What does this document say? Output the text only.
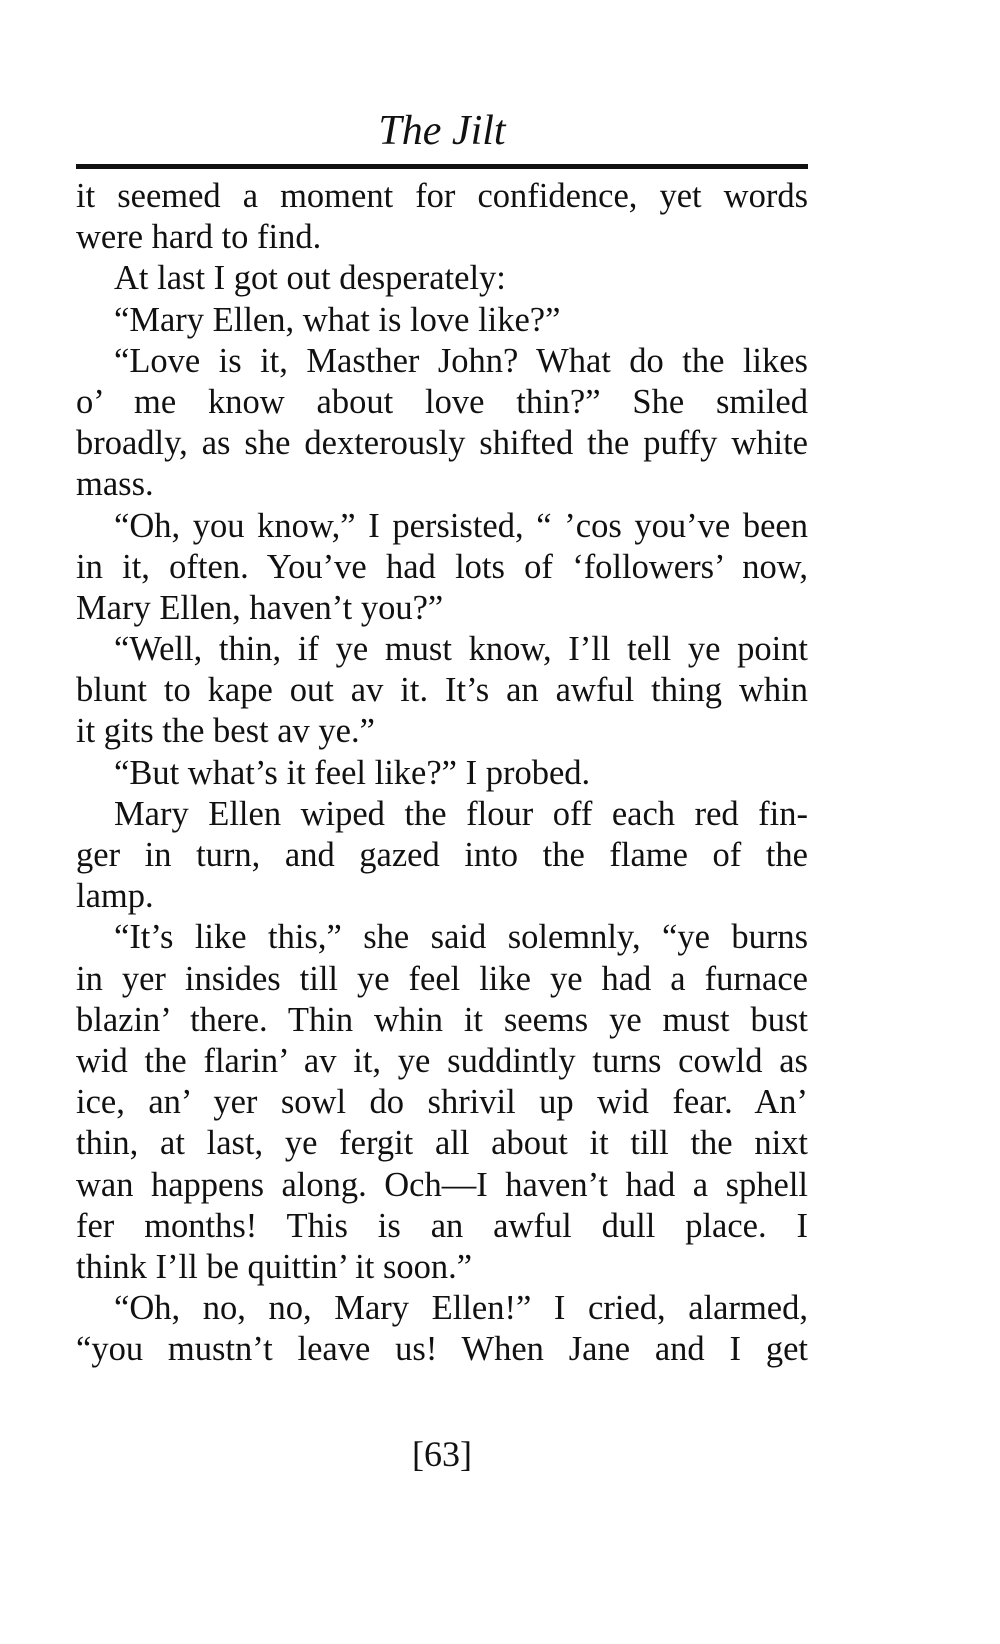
The Jilt
it seemed a moment for confidence, yet words
were hard to find.
At last I got out desperately:
“Mary Ellen, what is love like?”
“Love is it, Masther John? What do the likes
o’ me know about love thin?” She smiled
broadly, as she dexterously shifted the puffy white
mass.
“Oh, you know,” I persisted, “ ’cos you’ve been
in it, often. You’ve had lots of ‘followers’ now,
Mary Ellen, haven’t you?”
“Well, thin, if ye must know, I’ll tell ye point
blunt to kape out av it. It’s an awful thing whin
it gits the best av ye.”
“But what’s it feel like?” I probed.
Mary Ellen wiped the flour off each red fin-
ger in turn, and gazed into the flame of the
lamp.
“It’s like this,” she said solemnly, “ye burns
in yer insides till ye feel like ye had a furnace
blazin’ there. Thin whin it seems ye must bust
wid the flarin’ av it, ye suddintly turns cowld as
ice, an’ yer sowl do shrivil up wid fear. An’
thin, at last, ye fergit all about it till the nixt
wan happens along. Och—I haven’t had a sphell
fer months! This is an awful dull place. I
think I’ll be quittin’ it soon.”
“Oh, no, no, Mary Ellen!” I cried, alarmed,
“you mustn’t leave us! When Jane and I get
[63]
